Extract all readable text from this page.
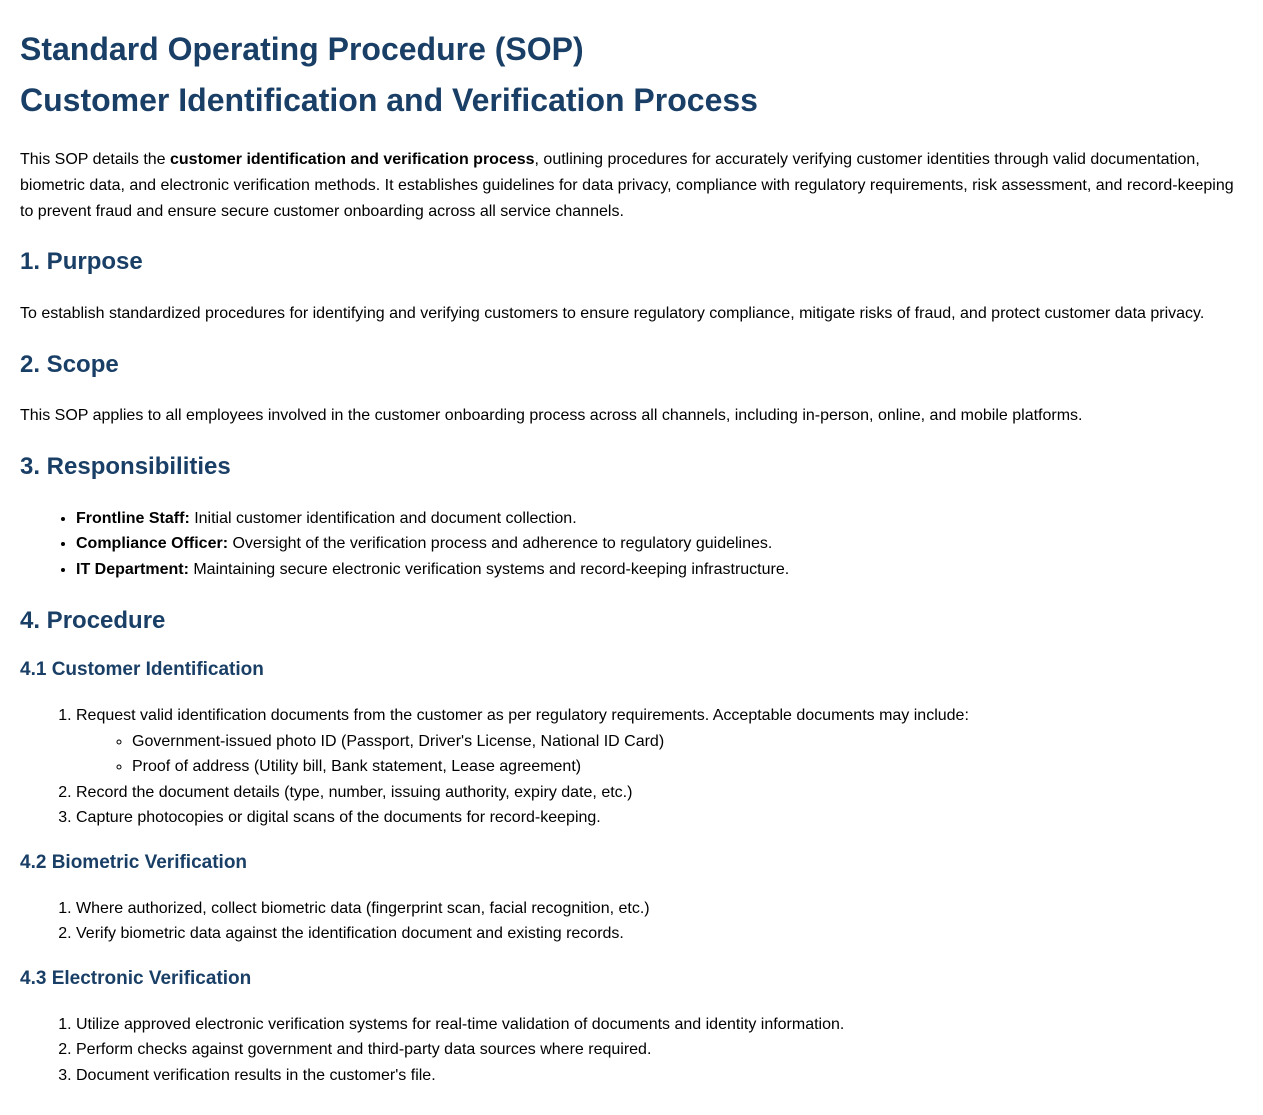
Standard Operating Procedure (SOP)
Customer Identification and Verification Process

This SOP details the customer identification and verification process, outlining procedures for accurately verifying customer identities through valid documentation, biometric data, and electronic verification methods. It establishes guidelines for data privacy, compliance with regulatory requirements, risk assessment, and record-keeping to prevent fraud and ensure secure customer onboarding across all service channels.

1. Purpose

To establish standardized procedures for identifying and verifying customers to ensure regulatory compliance, mitigate risks of fraud, and protect customer data privacy.

2. Scope

This SOP applies to all employees involved in the customer onboarding process across all channels, including in-person, online, and mobile platforms.

3. Responsibilities
• Frontline Staff: Initial customer identification and document collection.
• Compliance Officer: Oversight of the verification process and adherence to regulatory guidelines.
• IT Department: Maintaining secure electronic verification systems and record-keeping infrastructure.
4. Procedure
4.1 Customer Identification
1. Request valid identification documents from the customer as per regulatory requirements. Acceptable documents may include:
◦ Government-issued photo ID (Passport, Driver's License, National ID Card)
◦ Proof of address (Utility bill, Bank statement, Lease agreement)
2. Record the document details (type, number, issuing authority, expiry date, etc.)
3. Capture photocopies or digital scans of the documents for record-keeping.
4.2 Biometric Verification
1. Where authorized, collect biometric data (fingerprint scan, facial recognition, etc.)
2. Verify biometric data against the identification document and existing records.
4.3 Electronic Verification
1. Utilize approved electronic verification systems for real-time validation of documents and identity information.
2. Perform checks against government and third-party data sources where required.
3. Document verification results in the customer's file.
